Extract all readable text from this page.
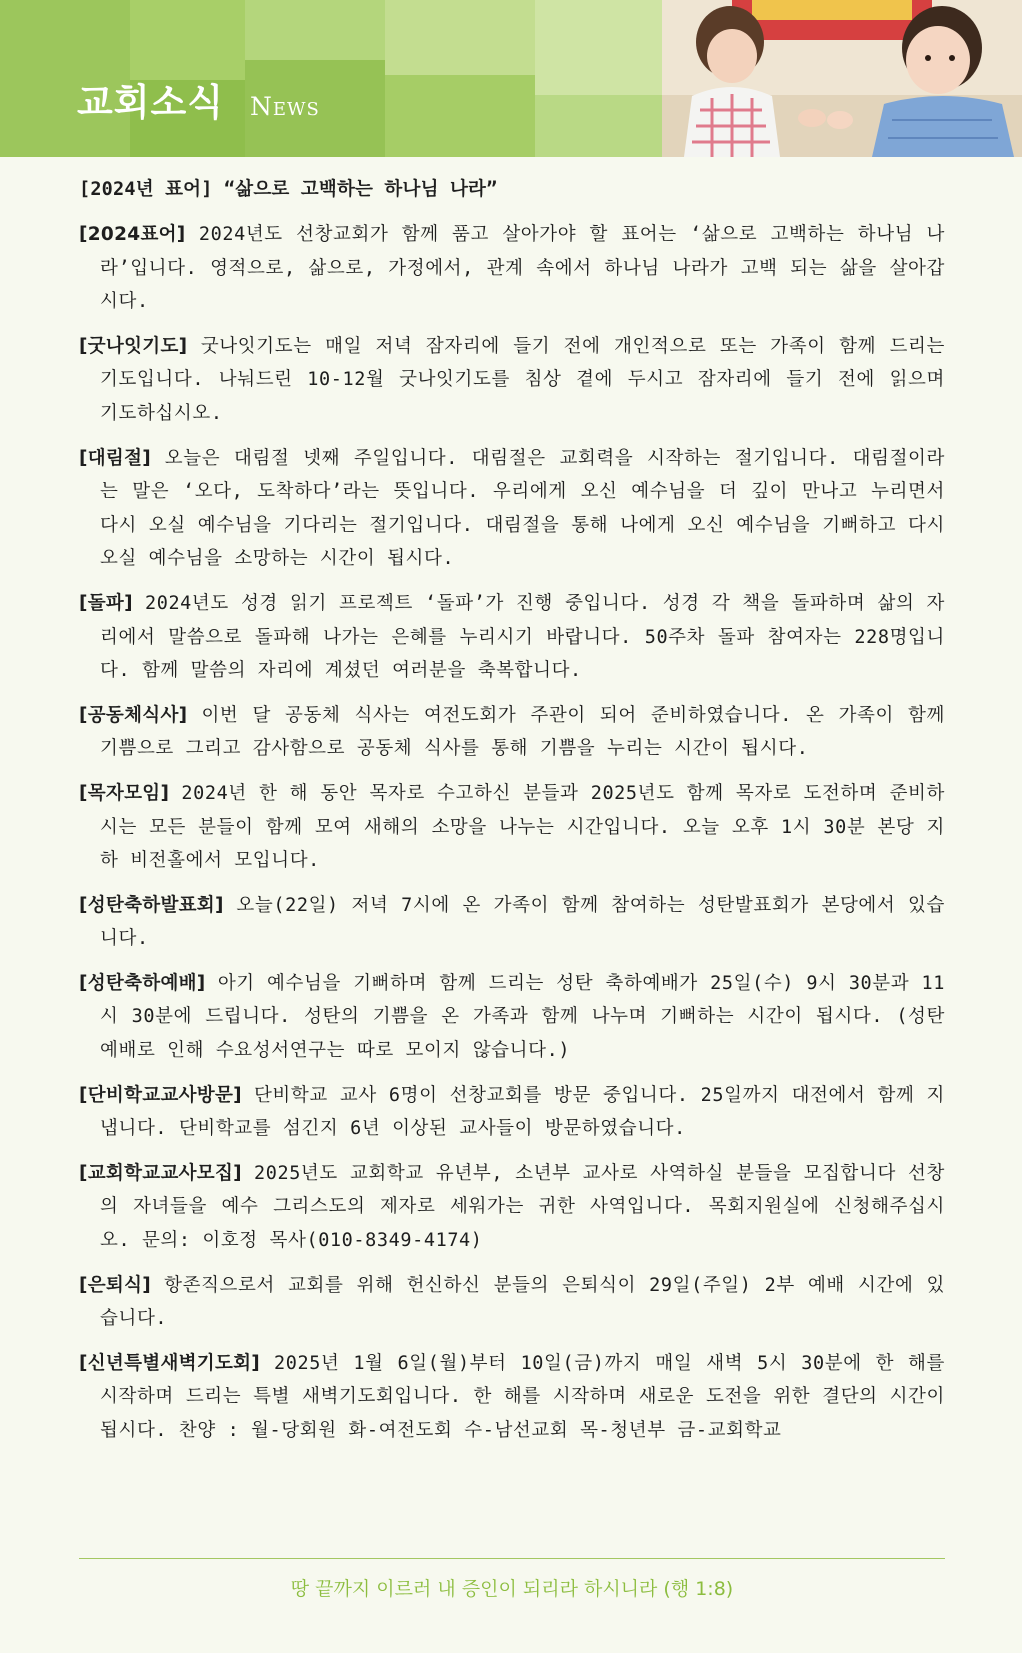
교회소식 News
[2024년 표어] “삶으로 고백하는 하나님 나라”
[2024표어] 2024년도 선창교회가 함께 품고 살아가야 할 표어는 ‘삶으로 고백하는 하나님 나라’입니다. 영적으로, 삶으로, 가정에서, 관계 속에서 하나님 나라가 고백 되는 삶을 살아갑시다.
[굿나잇기도] 굿나잇기도는 매일 저녁 잠자리에 들기 전에 개인적으로 또는 가족이 함께 드리는 기도입니다. 나눠드린 10-12월 굿나잇기도를 침상 곁에 두시고 잠자리에 들기 전에 읽으며 기도하십시오.
[대림절] 오늘은 대림절 넷째 주일입니다. 대림절은 교회력을 시작하는 절기입니다. 대림절이라는 말은 ‘오다, 도착하다’라는 뜻입니다. 우리에게 오신 예수님을 더 깊이 만나고 누리면서 다시 오실 예수님을 기다리는 절기입니다. 대림절을 통해 나에게 오신 예수님을 기뻐하고 다시 오실 예수님을 소망하는 시간이 됩시다.
[돌파] 2024년도 성경 읽기 프로젝트 ‘돌파’가 진행 중입니다. 성경 각 책을 돌파하며 삶의 자리에서 말씀으로 돌파해 나가는 은혜를 누리시기 바랍니다. 50주차 돌파 참여자는 228명입니다. 함께 말씀의 자리에 계셨던 여러분을 축복합니다.
[공동체식사] 이번 달 공동체 식사는 여전도회가 주관이 되어 준비하였습니다. 온 가족이 함께 기쁨으로 그리고 감사함으로 공동체 식사를 통해 기쁨을 누리는 시간이 됩시다.
[목자모임] 2024년 한 해 동안 목자로 수고하신 분들과 2025년도 함께 목자로 도전하며 준비하시는 모든 분들이 함께 모여 새해의 소망을 나누는 시간입니다. 오늘 오후 1시 30분 본당 지하 비전홀에서 모입니다.
[성탄축하발표회] 오늘(22일) 저녁 7시에 온 가족이 함께 참여하는 성탄발표회가 본당에서 있습니다.
[성탄축하예배] 아기 예수님을 기뻐하며 함께 드리는 성탄 축하예배가 25일(수) 9시 30분과 11시 30분에 드립니다. 성탄의 기쁨을 온 가족과 함께 나누며 기뻐하는 시간이 됩시다. (성탄예배로 인해 수요성서연구는 따로 모이지 않습니다.)
[단비학교교사방문] 단비학교 교사 6명이 선창교회를 방문 중입니다. 25일까지 대전에서 함께 지냅니다. 단비학교를 섬긴지 6년 이상된 교사들이 방문하였습니다.
[교회학교교사모집] 2025년도 교회학교 유년부, 소년부 교사로 사역하실 분들을 모집합니다 선창의 자녀들을 예수 그리스도의 제자로 세워가는 귀한 사역입니다. 목회지원실에 신청해주십시오. 문의: 이호정 목사(010-8349-4174)
[은퇴식] 항존직으로서 교회를 위해 헌신하신 분들의 은퇴식이 29일(주일) 2부 예배 시간에 있습니다.
[신년특별새벽기도회] 2025년 1월 6일(월)부터 10일(금)까지 매일 새벽 5시 30분에 한 해를 시작하며 드리는 특별 새벽기도회입니다. 한 해를 시작하며 새로운 도전을 위한 결단의 시간이 됩시다. 찬양 : 월-당회원 화-여전도회 수-남선교회 목-청년부 금-교회학교
땅 끝까지 이르러 내 증인이 되리라 하시니라 (행 1:8)
